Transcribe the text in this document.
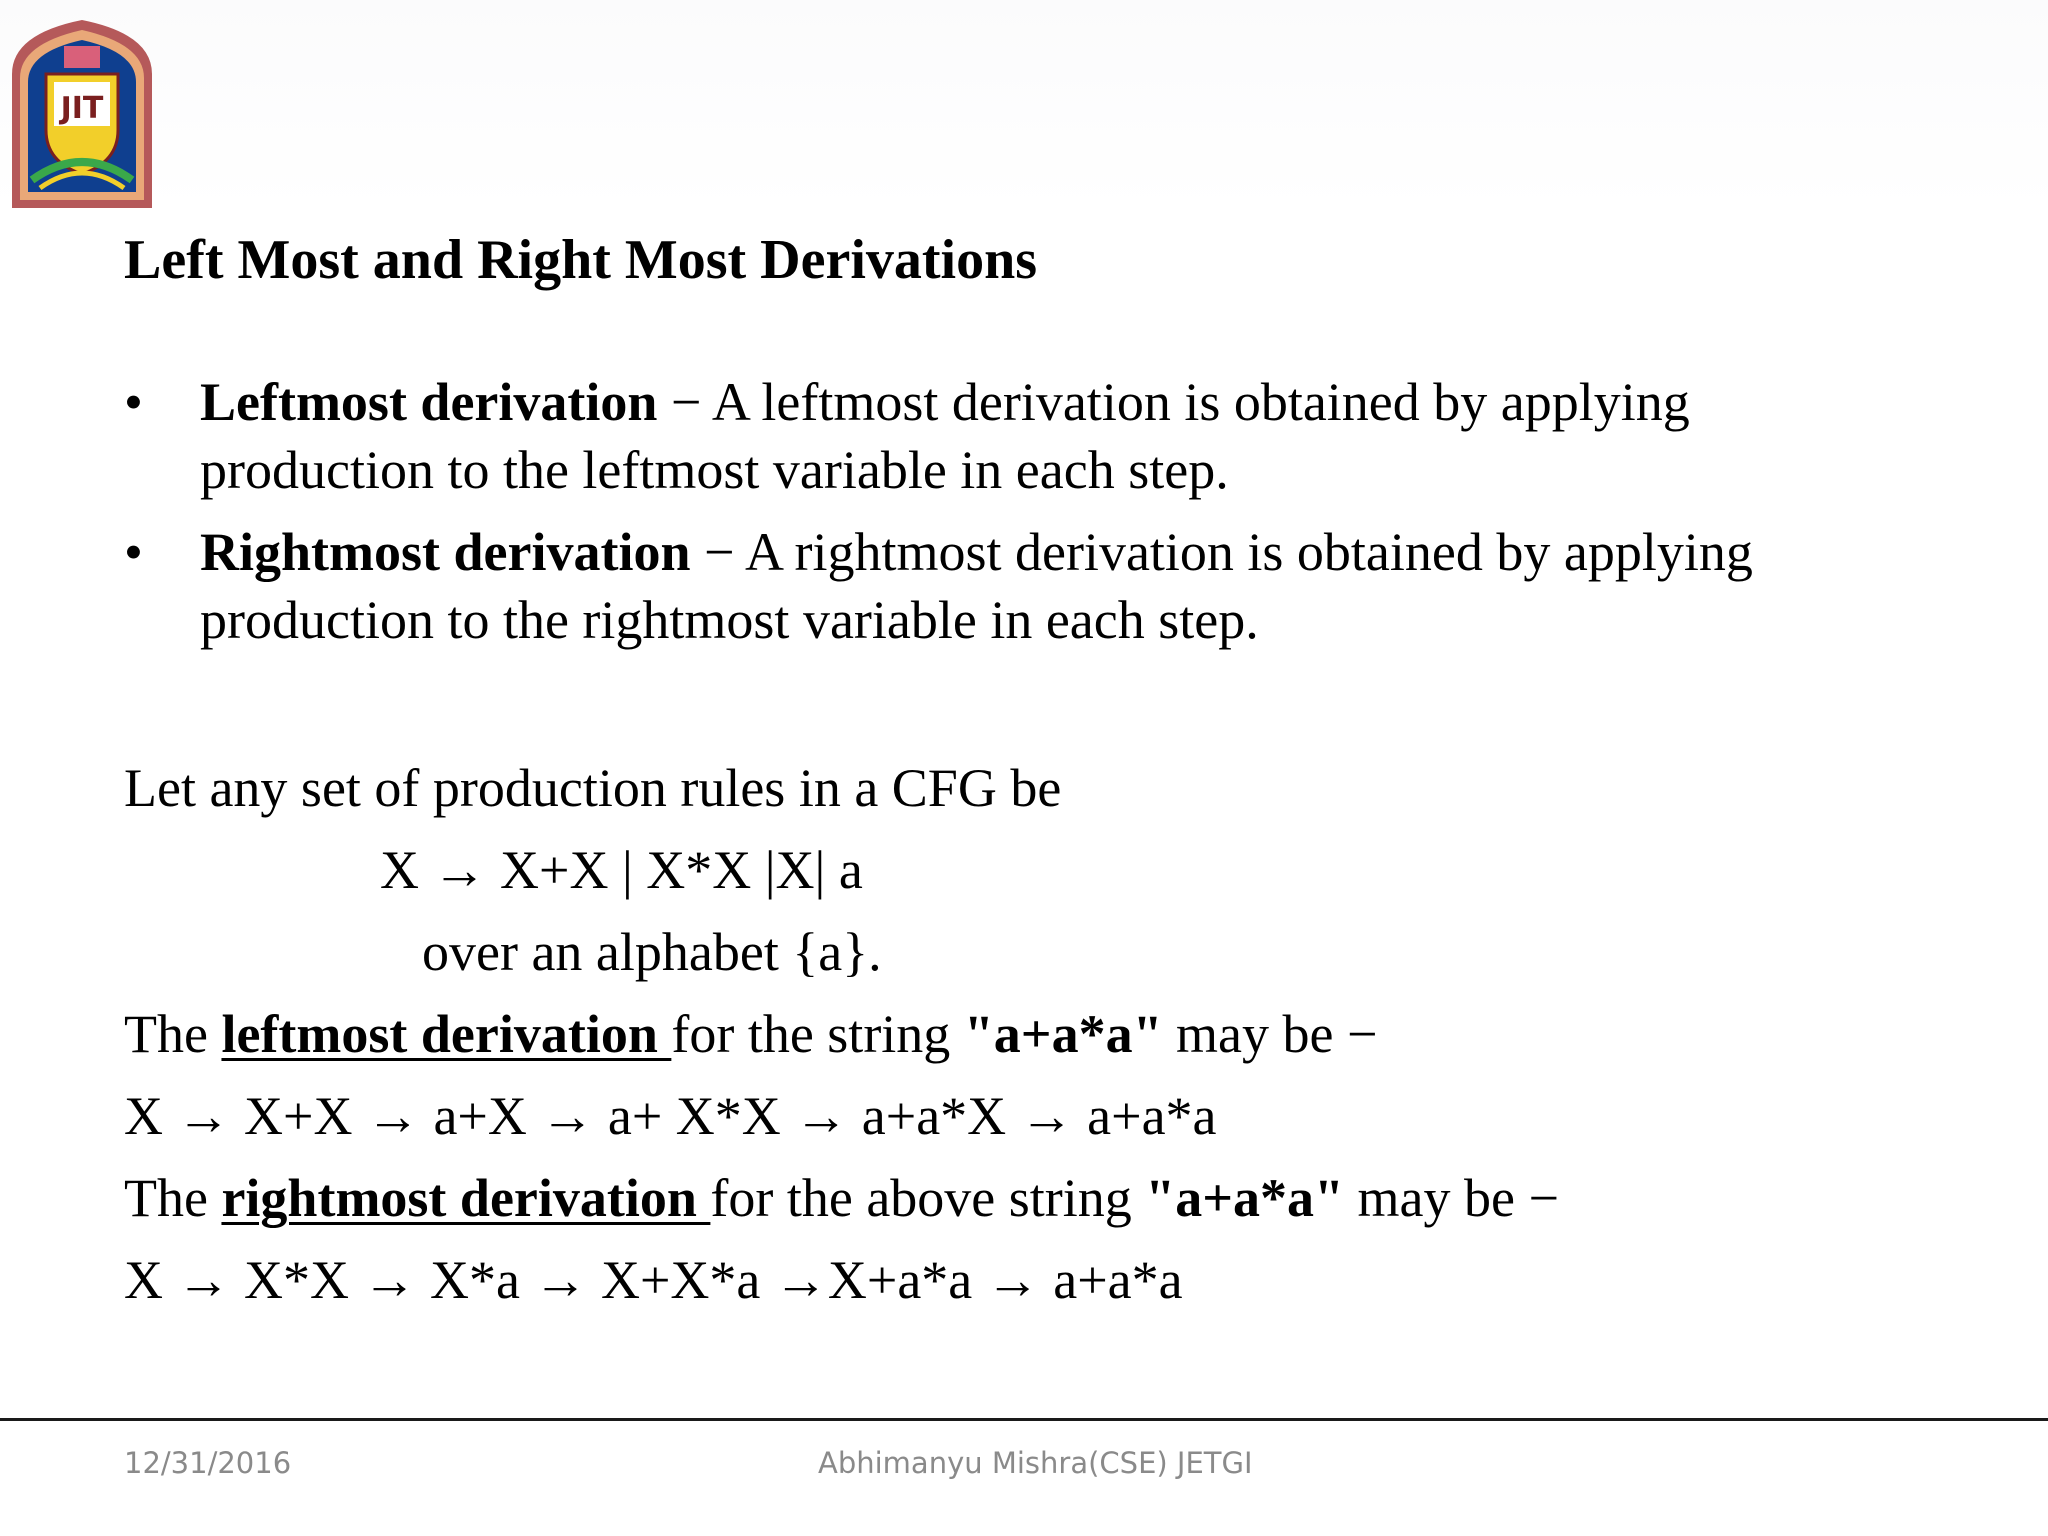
JIT
Left Most and Right Most Derivations
• Leftmost derivation − A leftmost derivation is obtained by applying production to the leftmost variable in each step.
• Rightmost derivation − A rightmost derivation is obtained by applying production to the rightmost variable in each step.
Let any set of production rules in a CFG be
X → X+X | X*X |X| a
over an alphabet {a}.
The leftmost derivation for the string "a+a*a" may be −
X → X+X → a+X → a+ X*X → a+a*X → a+a*a
The rightmost derivation for the above string "a+a*a" may be −
X → X*X → X*a → X+X*a →X+a*a → a+a*a
12/31/2016	Abhimanyu Mishra(CSE) JETGI
